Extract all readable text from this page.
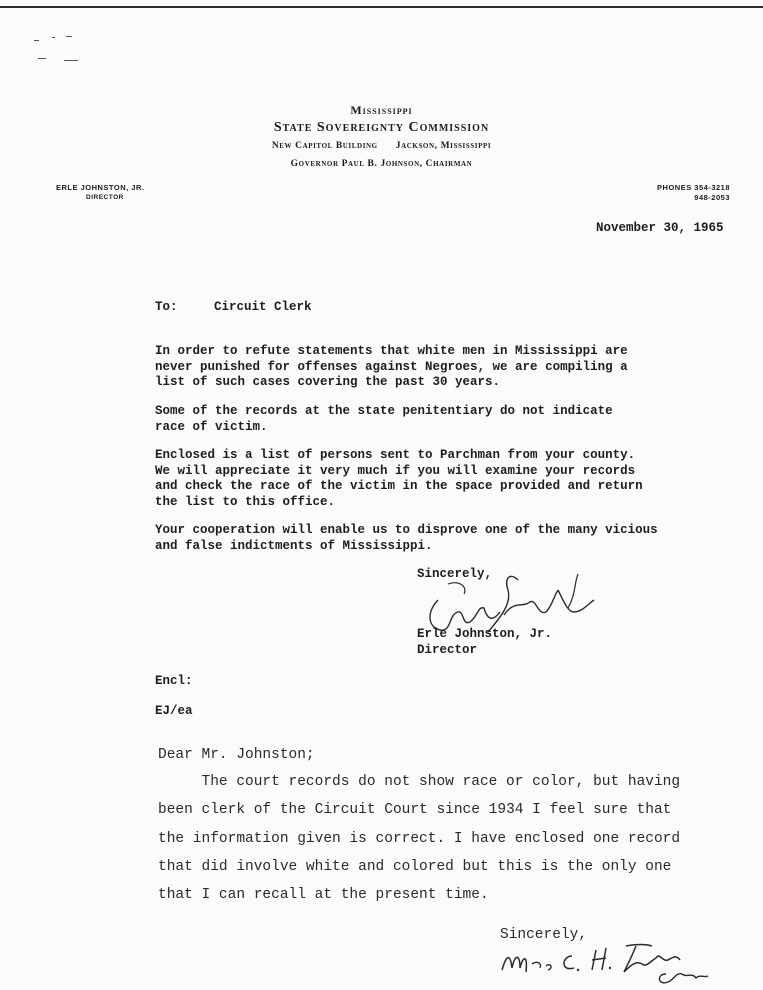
Mississippi
State Sovereignty Commission
New Capitol Building Jackson, Mississippi
Governor Paul B. Johnson, Chairman
ERLE JOHNSTON, JR.
DIRECTOR
PHONES 354-3218
948-2053
November 30, 1965
To:	Circuit Clerk
In order to refute statements that white men in Mississippi are
never punished for offenses against Negroes, we are compiling a
list of such cases covering the past 30 years.
Some of the records at the state penitentiary do not indicate
race of victim.
Enclosed is a list of persons sent to Parchman from your county.
We will appreciate it very much if you will examine your records
and check the race of the victim in the space provided and return
the list to this office.
Your cooperation will enable us to disprove one of the many vicious
and false indictments of Mississippi.
Sincerely,
Erle Johnston, Jr.
Director
Encl:
EJ/ea
Dear Mr. Johnston;
The court records do not show race or color, but having
been clerk of the Circuit Court since 1934 I feel sure that
the information given is correct. I have enclosed one record
that did involve white and colored but this is the only one
that I can recall at the present time.
Sincerely,
